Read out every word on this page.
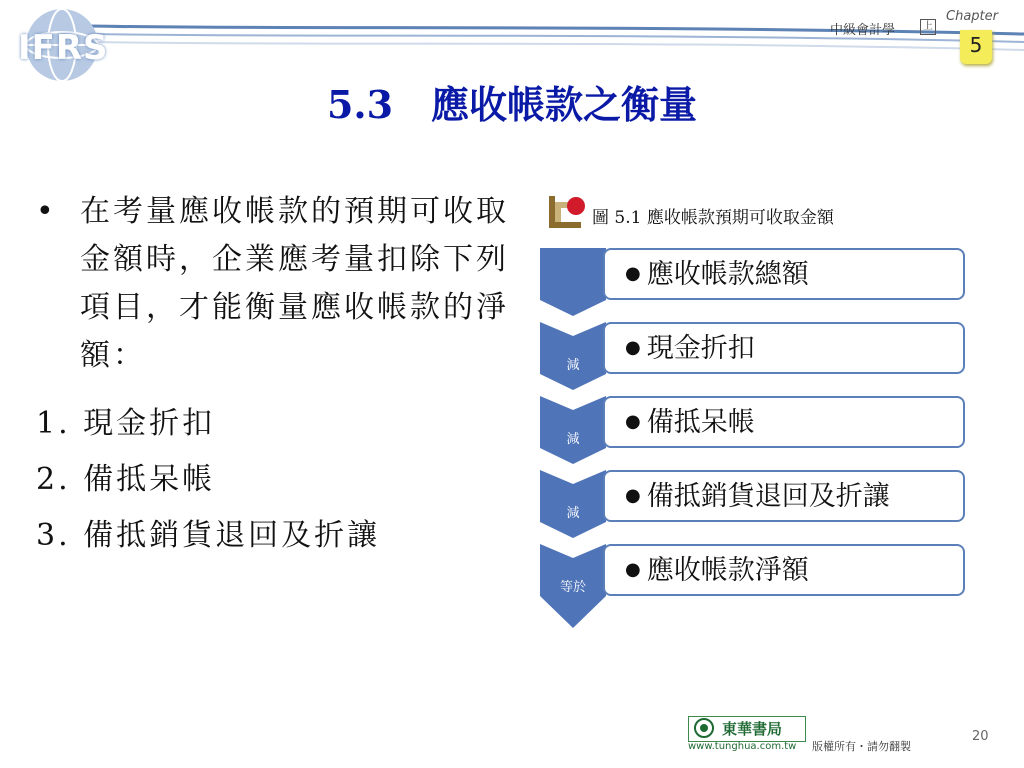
IFRS	中級會計學	上
Chapter
5
5.3　應收帳款之衡量
• 在考量應收帳款的預期可收取金額時，企業應考量扣除下列項目，才能衡量應收帳款的淨額：
1. 現金折扣
2. 備抵呆帳
3. 備抵銷貨退回及折讓
圖 5.1 應收帳款預期可收取金額
減
減
減
等於
● 應收帳款總額
● 現金折扣
● 備抵呆帳
● 備抵銷貨退回及折讓
● 應收帳款淨額
東華書局
www.tunghua.com.tw 版權所有・請勿翻製
20
